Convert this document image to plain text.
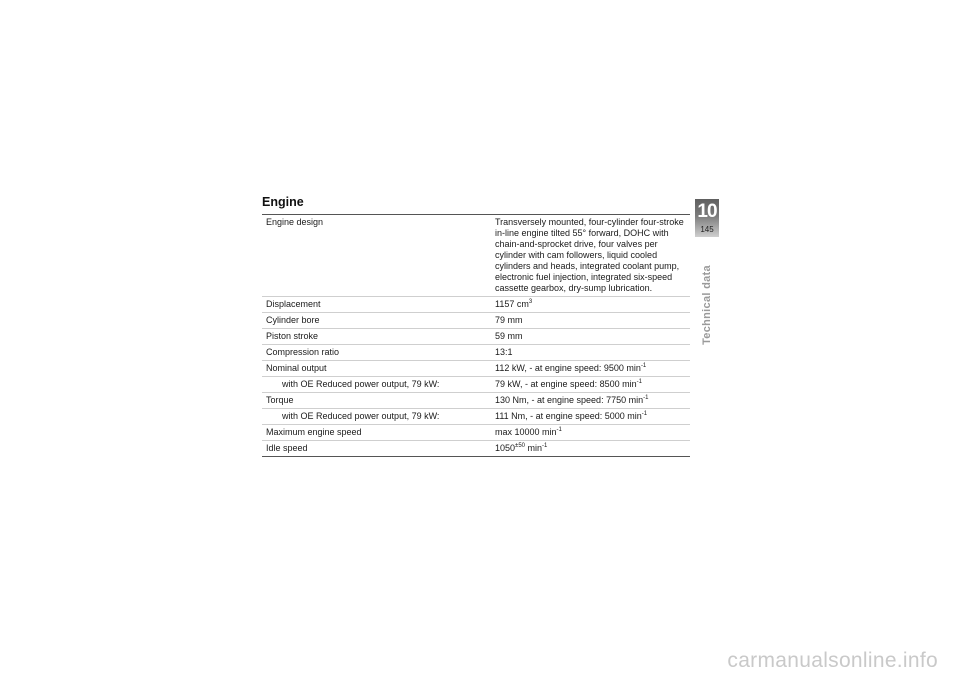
Engine
Engine design	Transversely mounted, four-cylinder four-stroke in-line engine tilted 55° forward, DOHC with chain-and-sprocket drive, four valves per cylinder with cam followers, liquid cooled cylinders and heads, integrated coolant pump, electronic fuel injection, integrated six-speed cassette gearbox, dry-sump lubrication.
Displacement	1157 $cm^3$
Cylinder bore	79 mm
Piston stroke	59 mm
Compression ratio	13:1
Nominal output	112 kW, - at engine speed: 9500 $\min^{-1}$
with OE Reduced power output, 79 kW:	79 kW, - at engine speed: 8500 $\min^{-1}$
Torque	130 Nm, - at engine speed: 7750 $\min^{-1}$
with OE Reduced power output, 79 kW:	111 Nm, - at engine speed: 5000 $\min^{-1}$
Maximum engine speed	max 10000 $\min^{-1}$
Idle speed	$1050^{\pm 50}$ $\min^{-1}$
10
145
Technical data
carmanualsonline.info
